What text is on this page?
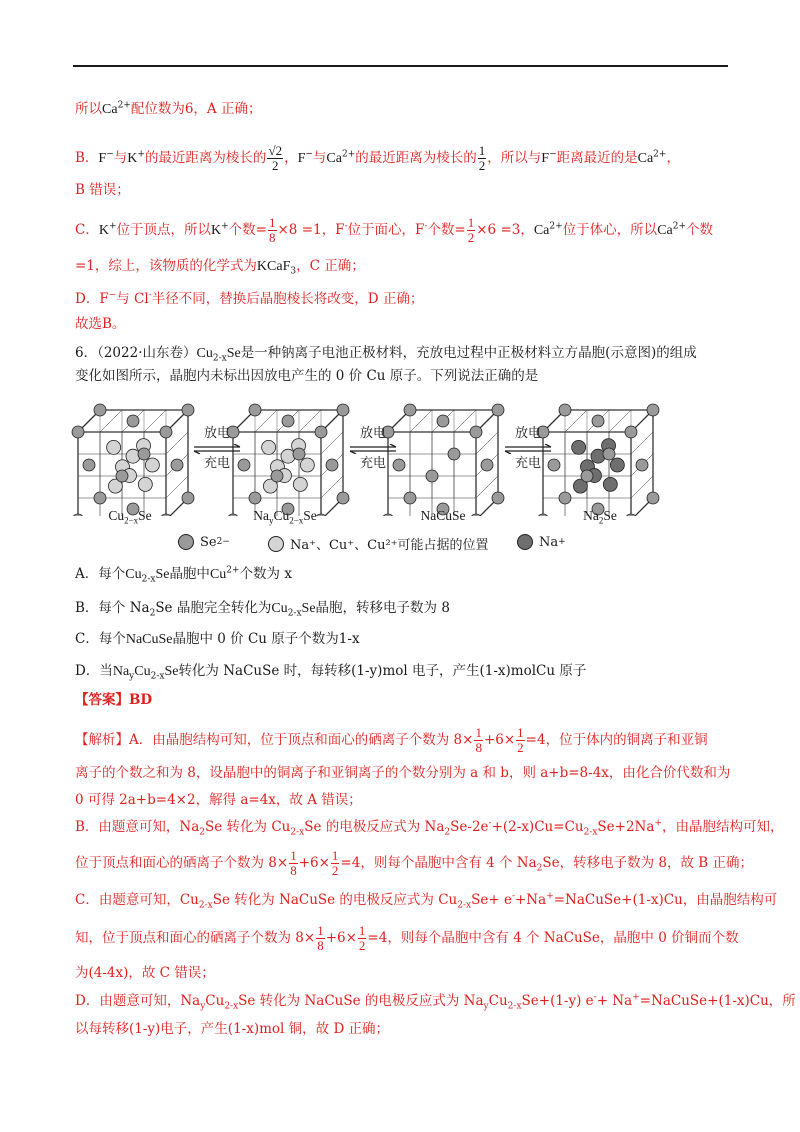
所以$Ca^{2+}$配位数为6，A 正确；
B．F−与K+的最近距离为棱长的 $\frac{√2}{2}$ ，F−与$Ca^{2+}$的最近距离为棱长的 $\frac{1}{2}$ ，所以与F−距离最近的是$Ca^{2+}$，
B 错误；
C．K+位于顶点，所以K+个数= $\frac{1}{8} \times 8 =1$，F-位于面心，F-个数= $\frac{1}{2} \times 6 =3$，$Ca^{2+}$位于体心，所以$Ca^{2+}$个数
=1，综上，该物质的化学式为KCaF$_3$，C 正确；
D．F−与 Cl-半径不同，替换后晶胞棱长将改变，D 正确；
故选B。
6．（2022·山东卷）$Cu_{2-x}Se$是一种钠离子电池正极材料，充放电过程中正极材料立方晶胞(示意图)的组成
变化如图所示，晶胞内未标出因放电产生的 0 价 Cu 原子。下列说法正确的是
放电
充电
放电
充电
放电
充电
$Cu_{2-x}Se$	$Na_yCu_{2-x}Se$	NaCuSe	$Na_2Se$
Se 2−	Na⁺、Cu⁺、Cu²⁺可能占据的位置	Na +
A．每个$Cu_{2-x}Se$晶胞中$Cu^{2+}$个数为 x
B．每个 $Na_2Se$ 晶胞完全转化为$Cu_{2-x}Se$晶胞，转移电子数为 8
C．每个NaCuSe晶胞中 0 价 Cu 原子个数为1-x
D．当$Na_yCu_{2-x}Se$转化为 NaCuSe 时，每转移(1-y)mol 电子，产生(1-x)molCu 原子
【答案】BD
【解析】A．由晶胞结构可知，位于顶点和面心的硒离子个数为 $8\times \frac{1}{8} +6\times \frac{1}{2} =4$，位于体内的铜离子和亚铜
离子的个数之和为 8，设晶胞中的铜离子和亚铜离子的个数分别为 a 和 b，则 a+b=8-4x，由化合价代数和为
0 可得 2a+b=4×2，解得 a=4x，故 A 错误；
B．由题意可知，$Na_2Se$ 转化为 $Cu_{2-x}Se$ 的电极反应式为 $Na_2Se-2e^-+(2-x)Cu=Cu_{2-x}Se+2Na^+$，由晶胞结构可知，
位于顶点和面心的硒离子个数为 $8\times \frac{1}{8} +6\times \frac{1}{2} =4$，则每个晶胞中含有 4 个 $Na_2Se$，转移电子数为 8，故 B 正确；
C．由题意可知，$Cu_{2-x}Se$ 转化为 NaCuSe 的电极反应式为 $Cu_{2-x}Se+$ e-+Na+=NaCuSe+(1-x)Cu，由晶胞结构可
知，位于顶点和面心的硒离子个数为 $8\times \frac{1}{8} +6\times \frac{1}{2} =4$，则每个晶胞中含有 4 个 NaCuSe，晶胞中 0 价铜而个数
为(4-4x)，故 C 错误；
D．由题意可知，$Na_yCu_{2-x}Se$ 转化为 NaCuSe 的电极反应式为 $Na_yCu_{2-x}Se+(1-y)$ e-+ Na+=NaCuSe+(1-x)Cu，所
以每转移(1-y)电子，产生(1-x)mol 铜，故 D 正确；
